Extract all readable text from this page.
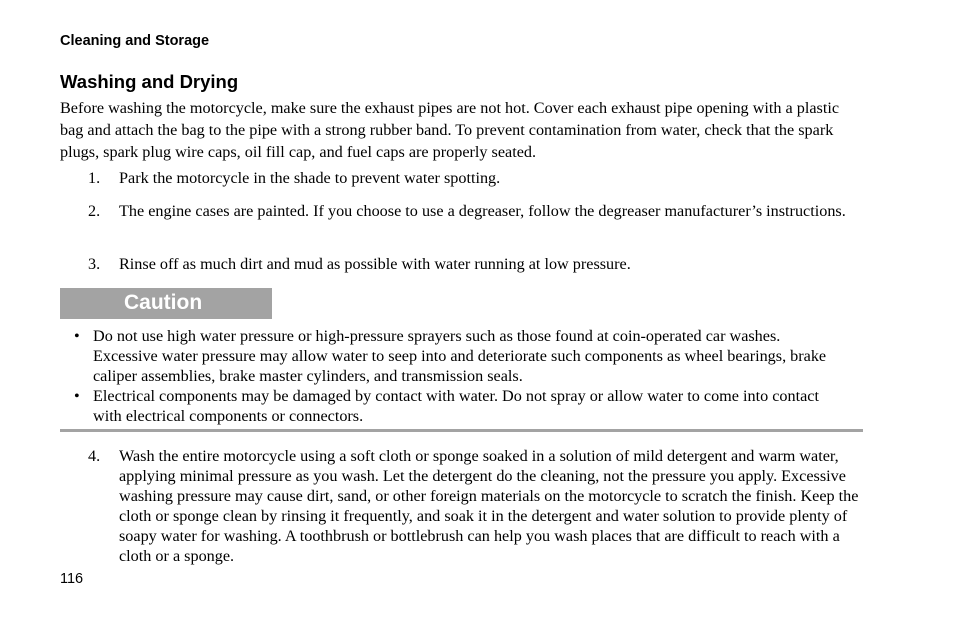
Cleaning and Storage
Washing and Drying

Before washing the motorcycle, make sure the exhaust pipes are not hot. Cover each exhaust pipe opening with a plastic bag and attach the bag to the pipe with a strong rubber band. To prevent contamination from water, check that the spark plugs, spark plug wire caps, oil fill cap, and fuel caps are properly seated.

1. Park the motorcycle in the shade to prevent water spotting.
2. The engine cases are painted. If you choose to use a degreaser, follow the degreaser manufacturer’s instructions.
3. Rinse off as much dirt and mud as possible with water running at low pressure.
Caution
• Do not use high water pressure or high‑pressure sprayers such as those found at coin‑operated car washes. Excessive water pressure may allow water to seep into and deteriorate such components as wheel bearings, brake caliper assemblies, brake master cylinders, and transmission seals.
• Electrical components may be damaged by contact with water. Do not spray or allow water to come into contact with electrical components or connectors.
4. Wash the entire motorcycle using a soft cloth or sponge soaked in a solution of mild detergent and warm water, applying minimal pressure as you wash. Let the detergent do the cleaning, not the pressure you apply. Excessive washing pressure may cause dirt, sand, or other foreign materials on the motorcycle to scratch the finish. Keep the cloth or sponge clean by rinsing it frequently, and soak it in the detergent and water solution to provide plenty of soapy water for washing. A toothbrush or bottlebrush can help you wash places that are difficult to reach with a cloth or a sponge.
116
